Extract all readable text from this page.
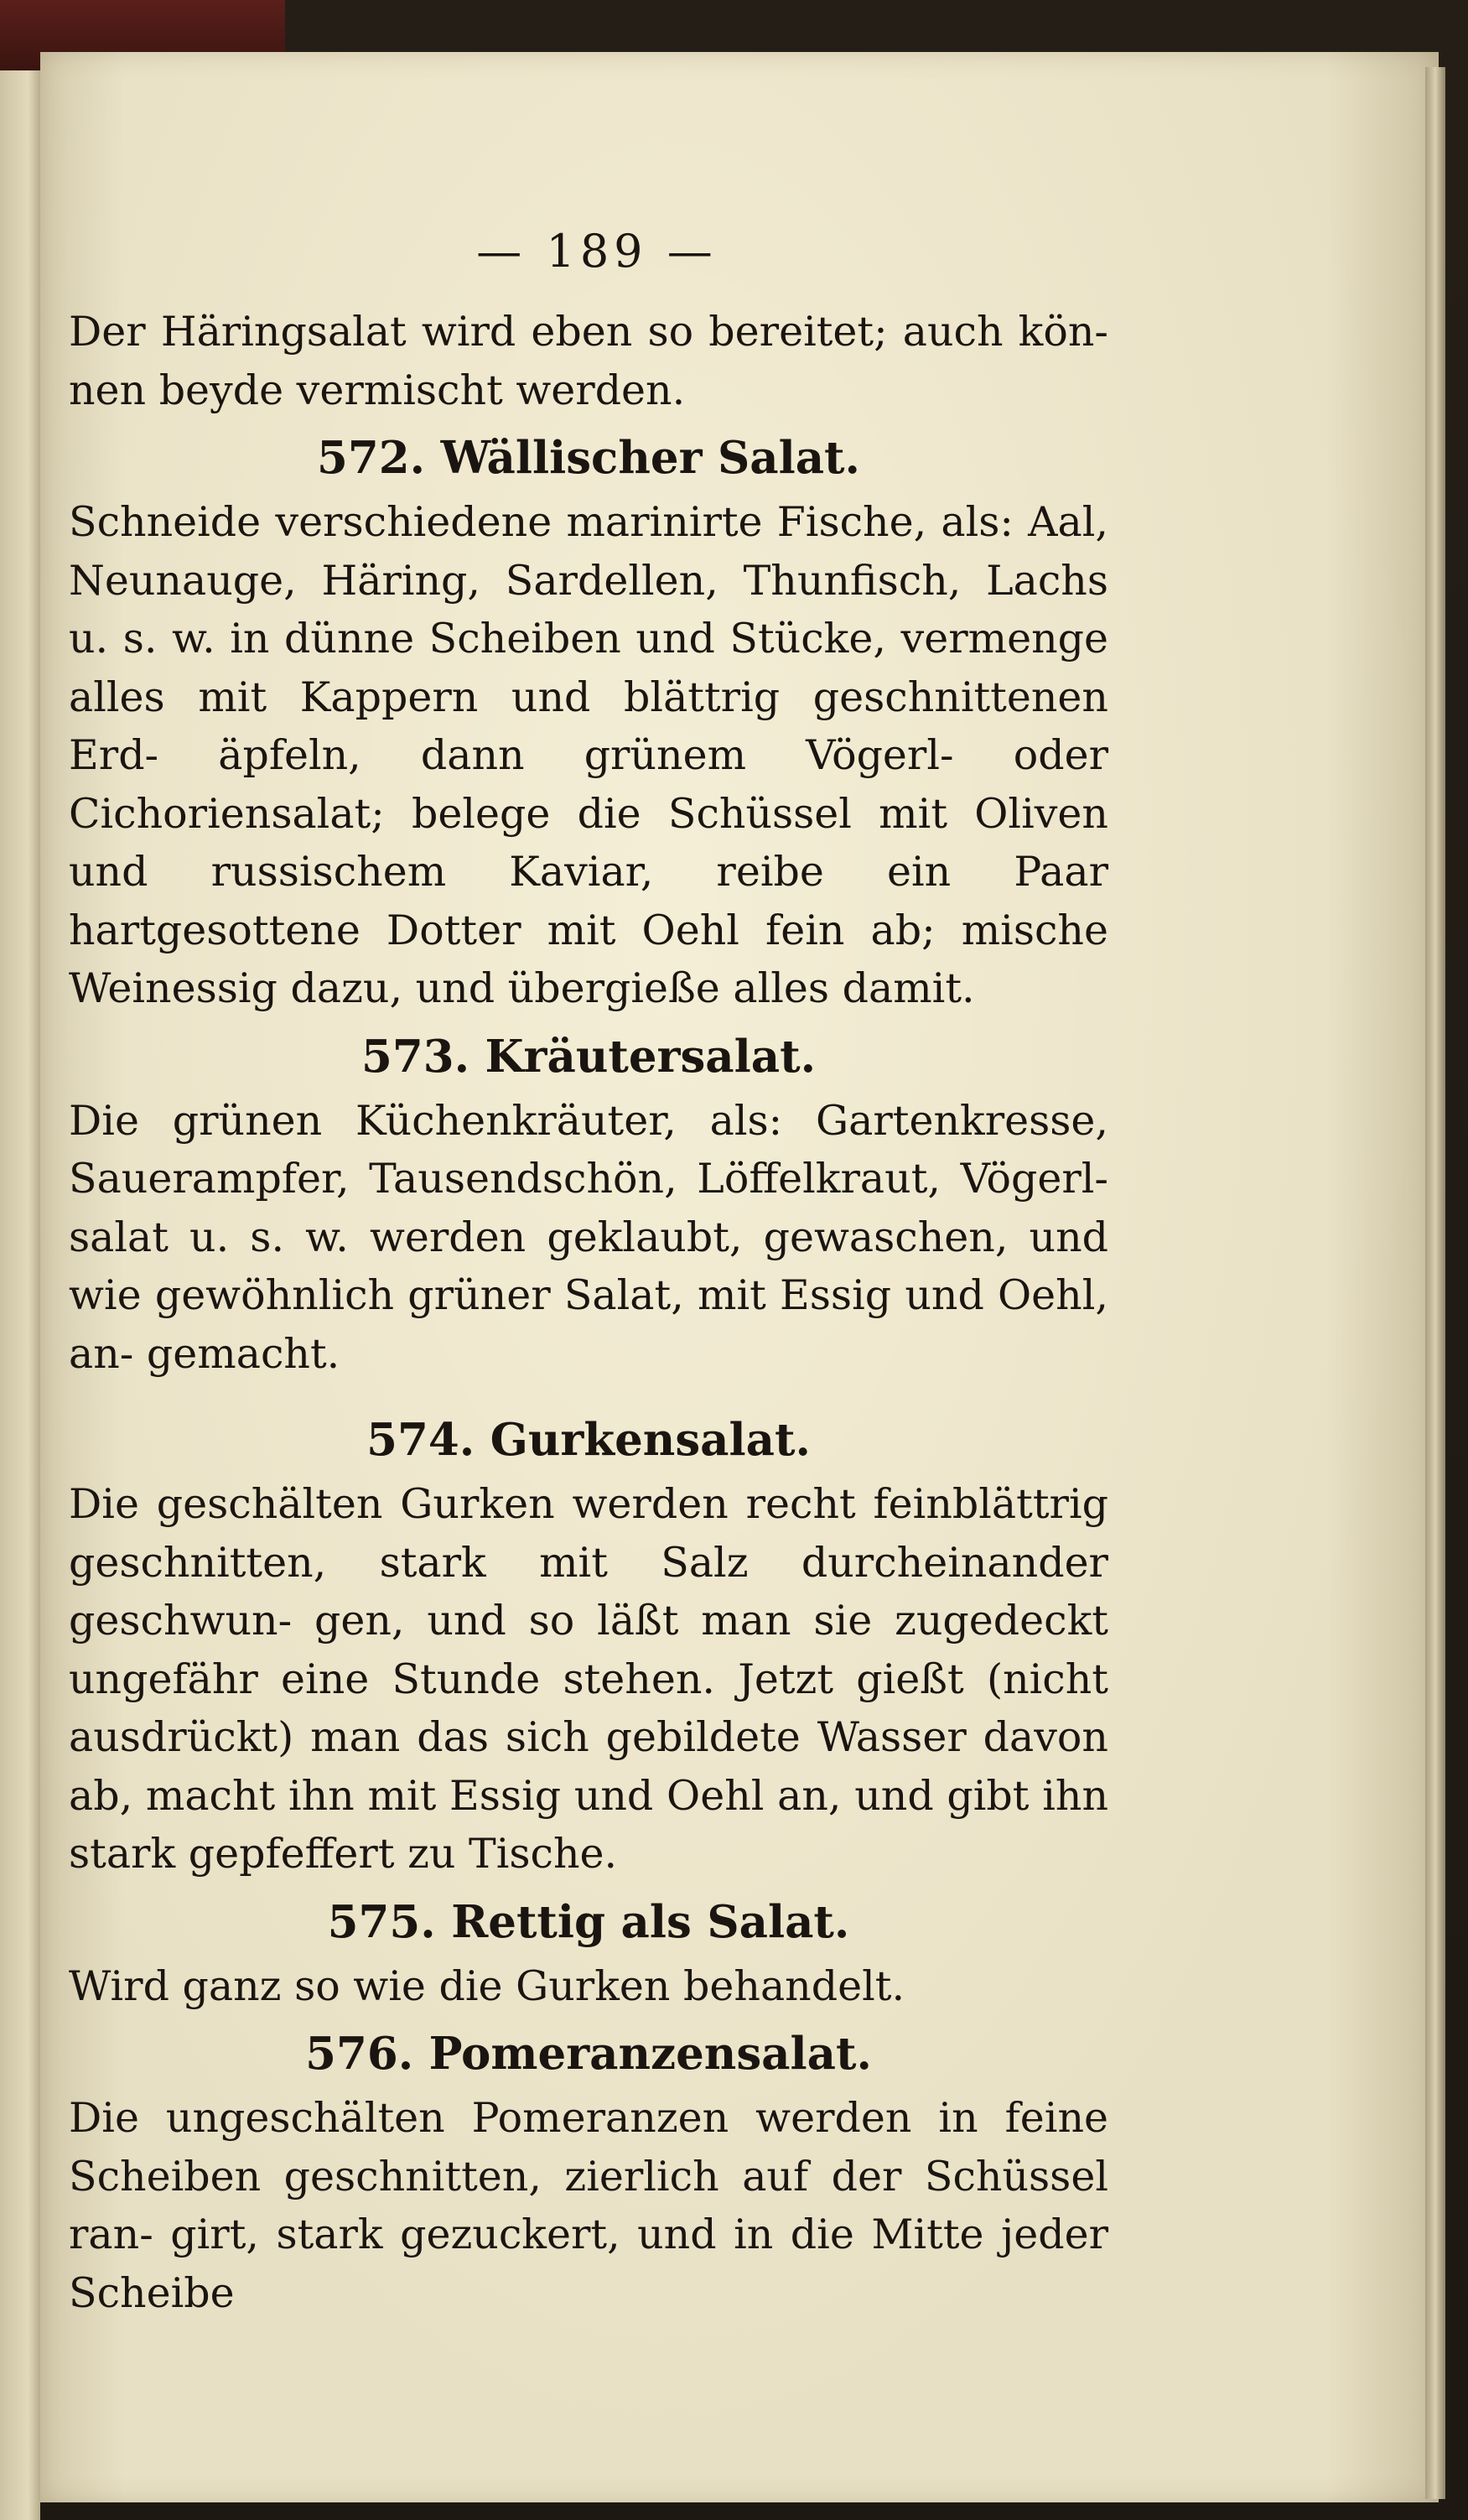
— 189 —

Der Häringsalat wird eben so bereitet; auch kön- nen beyde vermischt werden.

572. Wällischer Salat.

Schneide verschiedene marinirte Fische, als: Aal, Neunauge, Häring, Sardellen, Thunfisch, Lachs u. s. w. in dünne Scheiben und Stücke, vermenge alles mit Kappern und blättrig geschnittenen Erd- äpfeln, dann grünem Vögerl- oder Cichoriensalat; belege die Schüssel mit Oliven und russischem Kaviar, reibe ein Paar hartgesottene Dotter mit Oehl fein ab; mische Weinessig dazu, und übergieße alles damit.

573. Kräutersalat.

Die grünen Küchenkräuter, als: Gartenkresse, Sauerampfer, Tausendschön, Löffelkraut, Vögerl- salat u. s. w. werden geklaubt, gewaschen, und wie gewöhnlich grüner Salat, mit Essig und Oehl, an- gemacht.

574. Gurkensalat.

Die geschälten Gurken werden recht feinblättrig geschnitten, stark mit Salz durcheinander geschwun- gen, und so läßt man sie zugedeckt ungefähr eine Stunde stehen. Jetzt gießt (nicht ausdrückt) man das sich gebildete Wasser davon ab, macht ihn mit Essig und Oehl an, und gibt ihn stark gepfeffert zu Tische.

575. Rettig als Salat.

Wird ganz so wie die Gurken behandelt.

576. Pomeranzensalat.

Die ungeschälten Pomeranzen werden in feine Scheiben geschnitten, zierlich auf der Schüssel ran- girt, stark gezuckert, und in die Mitte jeder Scheibe
